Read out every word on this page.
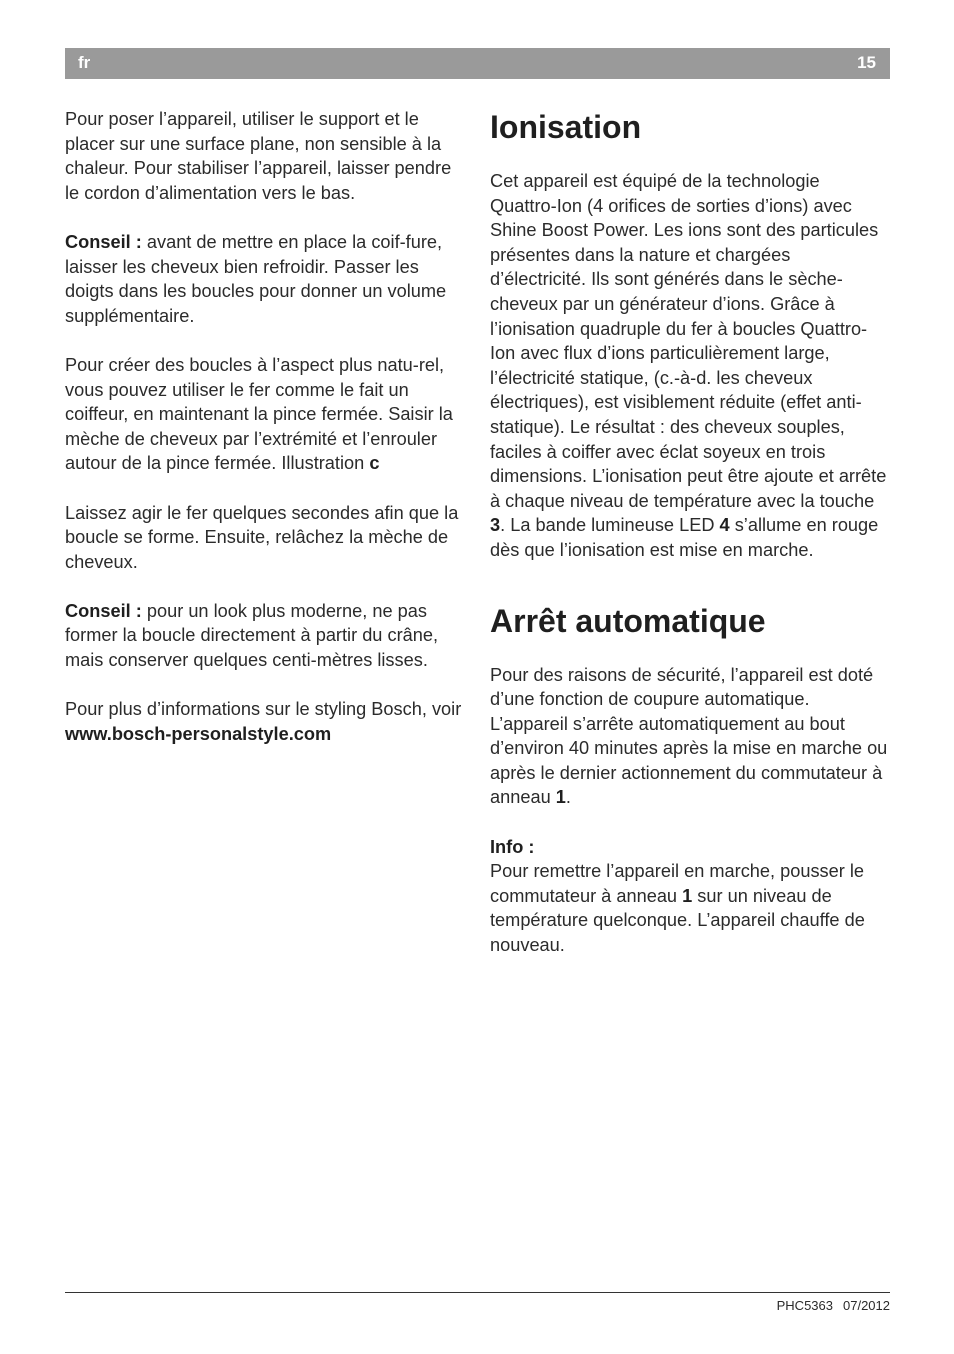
fr	15

Pour poser l’appareil, utiliser le support et le placer sur une surface plane, non sensible à la chaleur. Pour stabiliser l’appareil, laisser pendre le cordon d’alimentation vers le bas.

Conseil : avant de mettre en place la coif-fure, laisser les cheveux bien refroidir. Passer les doigts dans les boucles pour donner un volume supplémentaire.

Pour créer des boucles à l’aspect plus natu-rel, vous pouvez utiliser le fer comme le fait un coiffeur, en maintenant la pince fermée. Saisir la mèche de cheveux par l’extrémité et l’enrouler autour de la pince fermée. Illustration c

Laissez agir le fer quelques secondes afin que la boucle se forme. Ensuite, relâchez la mèche de cheveux.

Conseil : pour un look plus moderne, ne pas former la boucle directement à partir du crâne, mais conserver quelques centi-mètres lisses.

Pour plus d’informations sur le styling Bosch, voir

www.bosch-personalstyle.com

Ionisation

Cet appareil est équipé de la technologie Quattro-Ion (4 orifices de sorties d’ions) avec Shine Boost Power. Les ions sont des particules présentes dans la nature et chargées d’électricité. Ils sont générés dans le sèche-cheveux par un générateur d’ions. Grâce à l’ionisation quadruple du fer à boucles Quattro-Ion avec flux d’ions particulièrement large, l’électricité statique, (c.-à-d. les cheveux électriques), est visiblement réduite (effet anti-statique). Le résultat : des cheveux souples, faciles à coiffer avec éclat soyeux en trois dimensions. L’ionisation peut être ajoute et arrête à chaque niveau de température avec la touche 3. La bande lumineuse LED 4 s’allume en rouge dès que l’ionisation est mise en marche.

Arrêt automatique

Pour des raisons de sécurité, l’appareil est doté d’une fonction de coupure automatique. L’appareil s’arrête automatiquement au bout d’environ 40 minutes après la mise en marche ou après le dernier actionnement du commutateur à anneau 1.

Info :

Pour remettre l’appareil en marche, pousser le commutateur à anneau 1 sur un niveau de température quelconque. L’appareil chauffe de nouveau.

PHC5363 07/2012
